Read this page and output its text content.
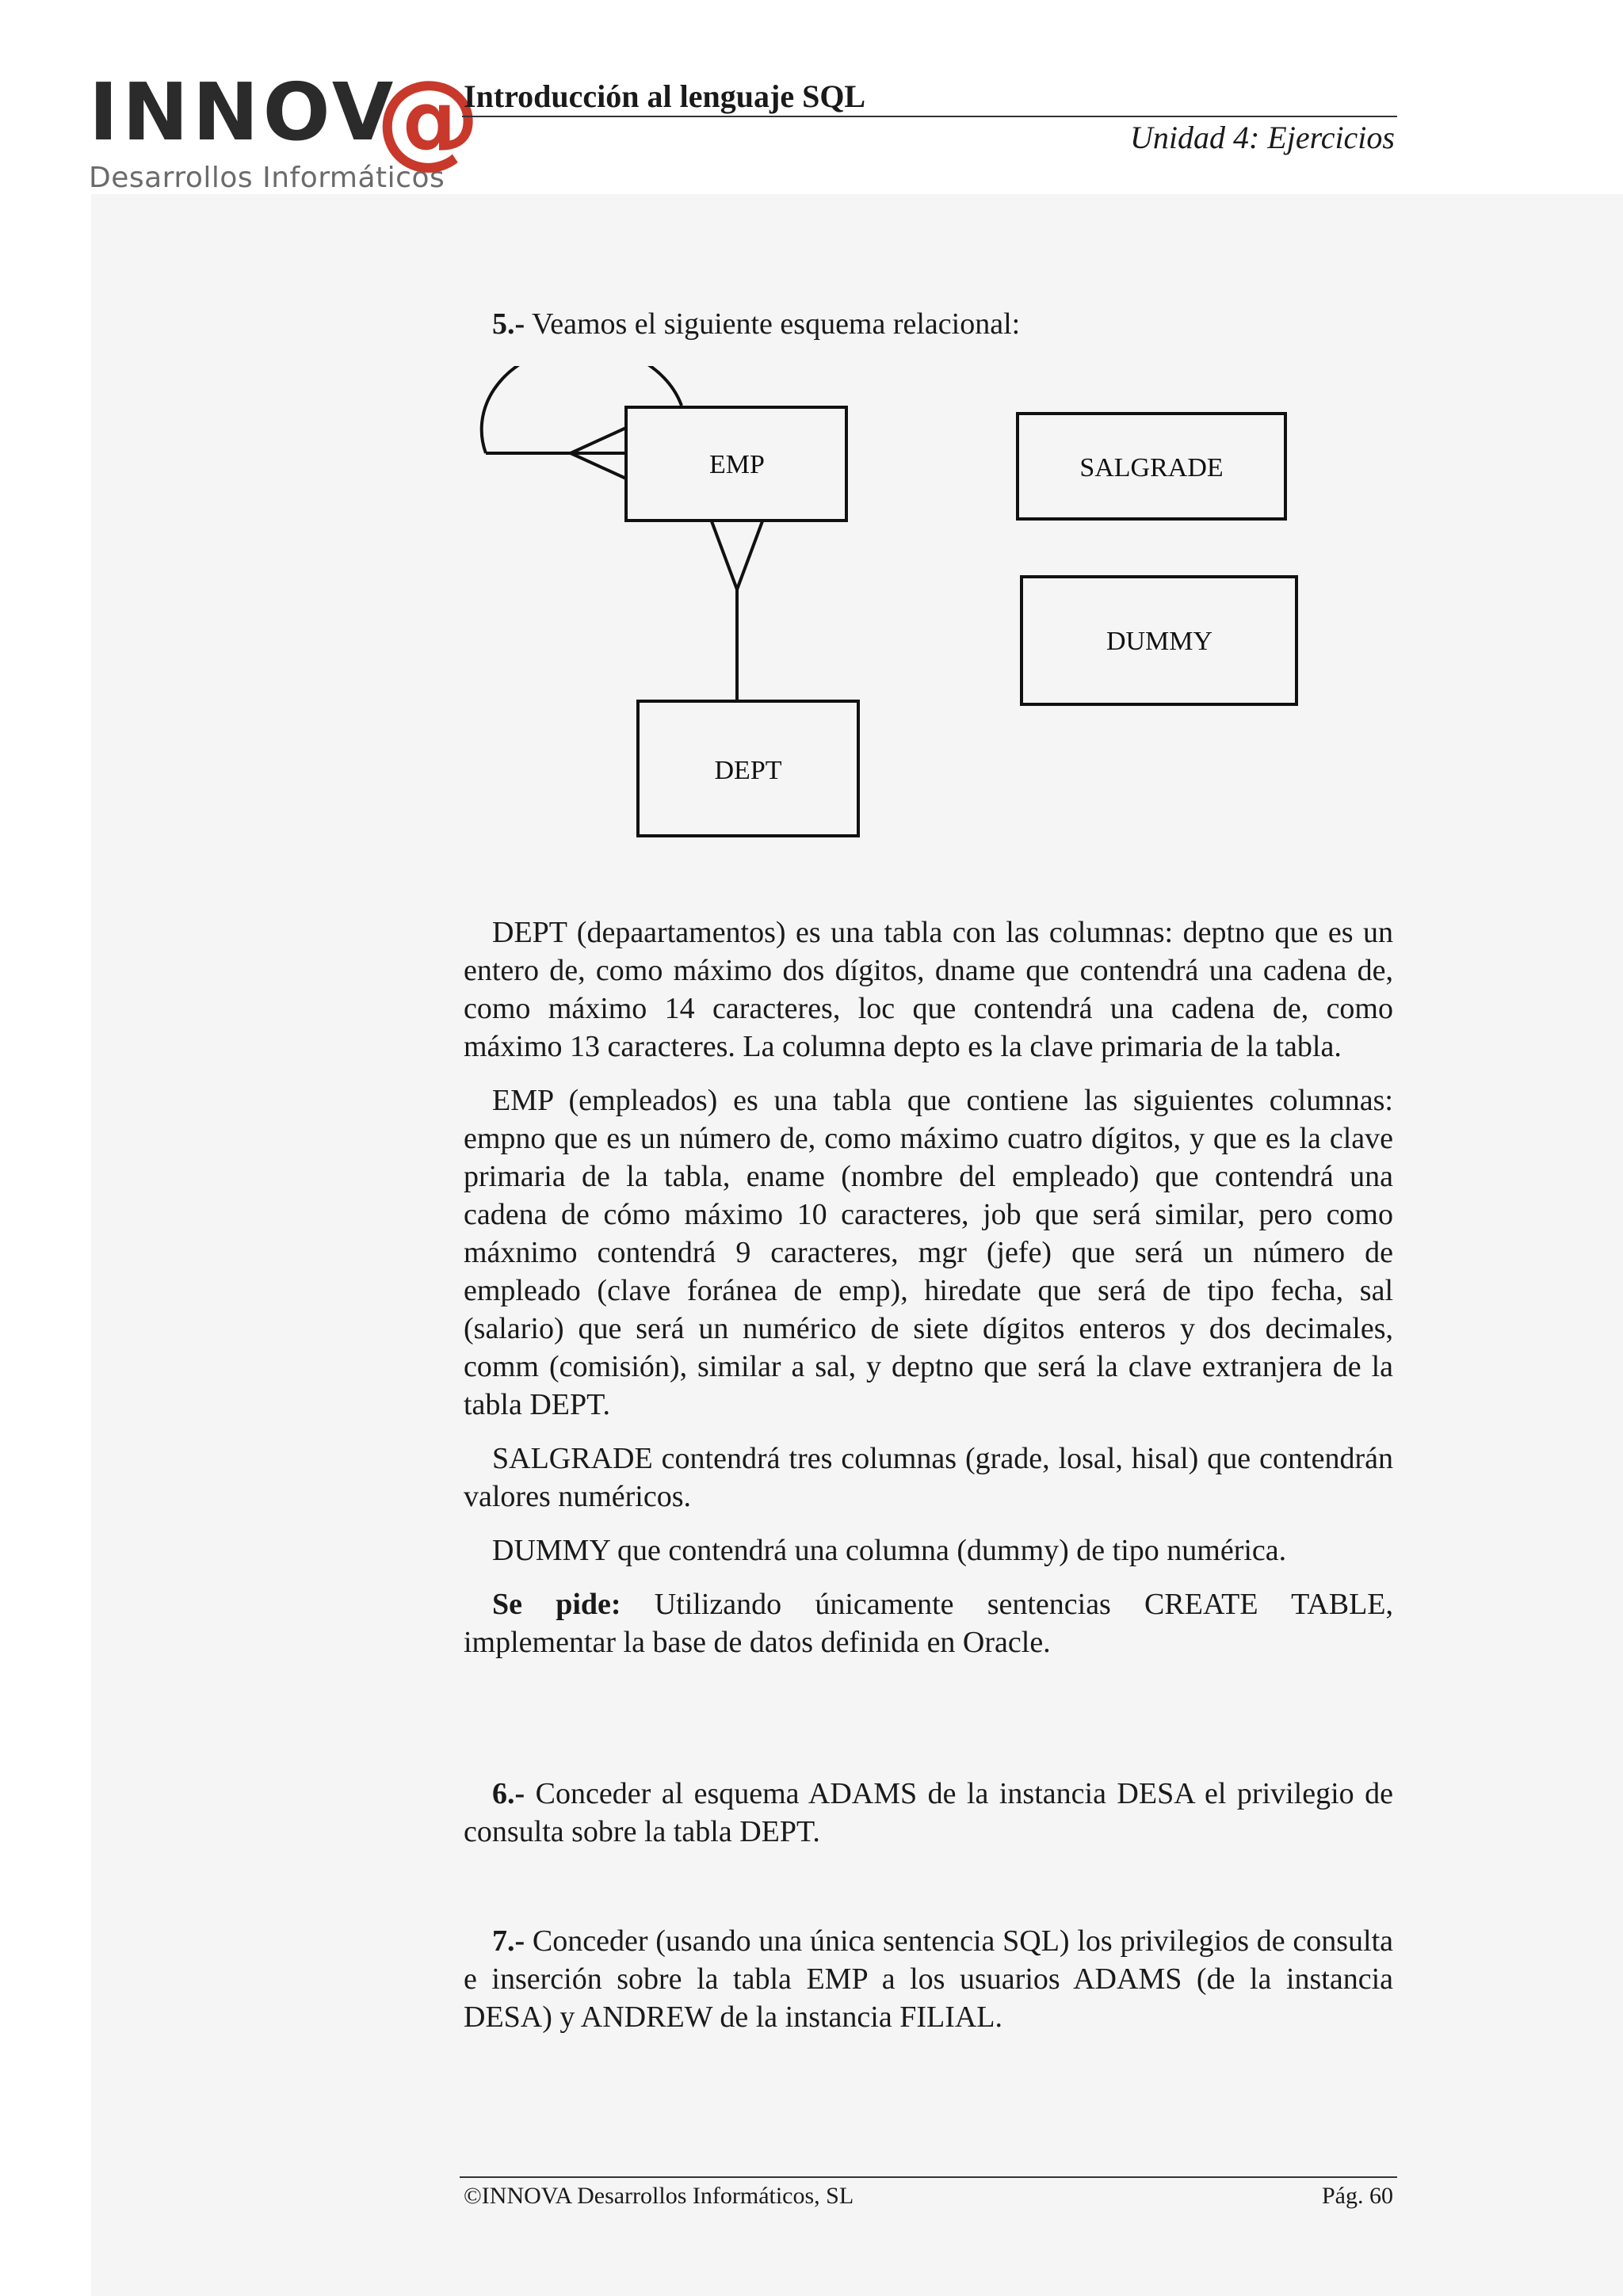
INNOV
@
Desarrollos Informáticos
Introducción al lenguaje SQL
Unidad 4: Ejercicios

5.- Veamos el siguiente esquema relacional:

EMP	SALGRADE
DUMMY
DEPT

DEPT (depaartamentos) es una tabla con las columnas: deptno que es un entero de, como máximo dos dígitos, dname que contendrá una cadena de, como máximo 14 caracteres, loc que contendrá una cadena de, como máximo 13 caracteres. La columna depto es la clave primaria de la tabla.

EMP (empleados) es una tabla que contiene las siguientes columnas: empno que es un número de, como máximo cuatro dígitos, y que es la clave primaria de la tabla, ename (nombre del empleado) que contendrá una cadena de cómo máximo 10 caracteres, job que será similar, pero como máxnimo contendrá 9 caracteres, mgr (jefe) que será un número de empleado (clave foránea de emp), hiredate que será de tipo fecha, sal (salario) que será un numérico de siete dígitos enteros y dos decimales, comm (comisión), similar a sal, y deptno que será la clave extranjera de la tabla DEPT.

SALGRADE contendrá tres columnas (grade, losal, hisal) que contendrán valores numéricos.

DUMMY que contendrá una columna (dummy) de tipo numérica.

Se pide: Utilizando únicamente sentencias CREATE TABLE, implementar la base de datos definida en Oracle.

6.- Conceder al esquema ADAMS de la instancia DESA el privilegio de consulta sobre la tabla DEPT.

7.- Conceder (usando una única sentencia SQL) los privilegios de consulta e inserción sobre la tabla EMP a los usuarios ADAMS (de la instancia DESA) y ANDREW de la instancia FILIAL.

©INNOVA Desarrollos Informáticos, SL	Pág. 60
